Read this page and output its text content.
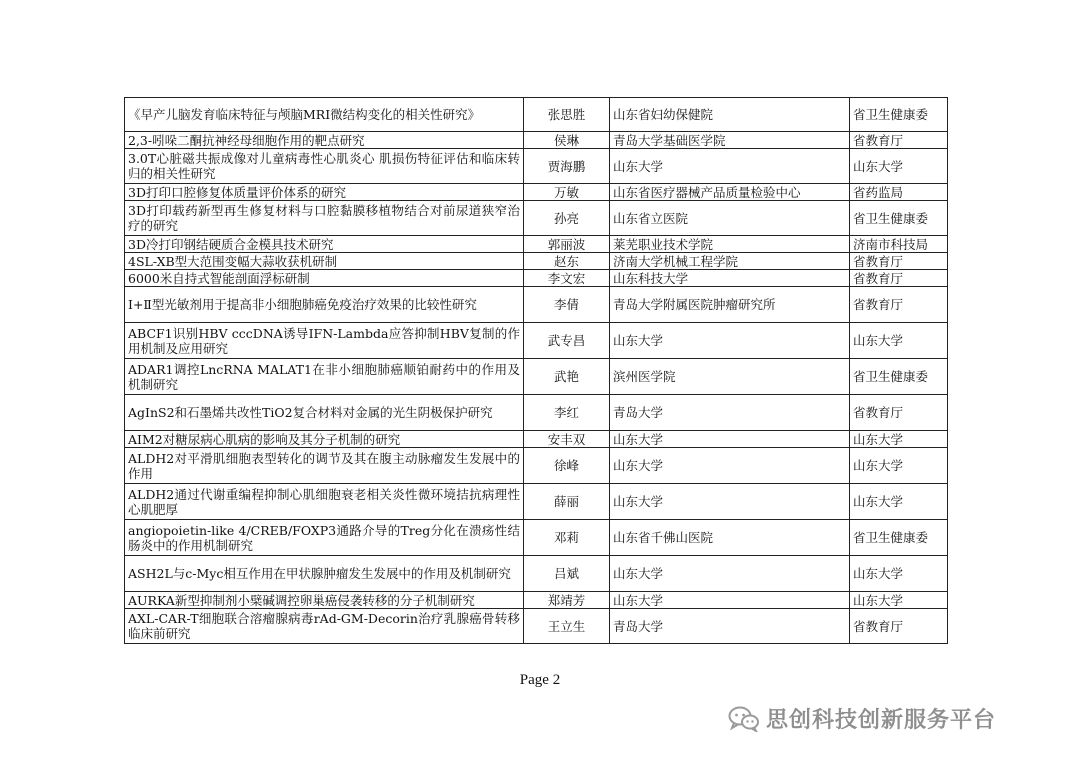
《早产儿脑发育临床特征与颅脑MRI微结构变化的相关性研究》	张思胜	山东省妇幼保健院	省卫生健康委
2,3-吲哚二酮抗神经母细胞作用的靶点研究	侯琳	青岛大学基础医学院	省教育厅
3.0T心脏磁共振成像对儿童病毒性心肌炎心 肌损伤特征评估和临床转归的相关性研究	贾海鹏	山东大学	山东大学
3D打印口腔修复体质量评价体系的研究	万敏	山东省医疗器械产品质量检验中心	省药监局
3D打印载药新型再生修复材料与口腔黏膜移植物结合对前尿道狭窄治疗的研究	孙亮	山东省立医院	省卫生健康委
3D冷打印钢结硬质合金模具技术研究	郭丽波	莱芜职业技术学院	济南市科技局
4SL-XB型大范围变幅大蒜收获机研制	赵东	济南大学机械工程学院	省教育厅
6000米自持式智能剖面浮标研制	李文宏	山东科技大学	省教育厅
Ⅰ+Ⅱ型光敏剂用于提高非小细胞肺癌免疫治疗效果的比较性研究	李倩	青岛大学附属医院肿瘤研究所	省教育厅
ABCF1识别HBV cccDNA诱导IFN-Lambda应答抑制HBV复制的作用机制及应用研究	武专昌	山东大学	山东大学
ADAR1调控LncRNA MALAT1在非小细胞肺癌顺铂耐药中的作用及机制研究	武艳	滨州医学院	省卫生健康委
AgInS2和石墨烯共改性TiO2复合材料对金属的光生阴极保护研究	李红	青岛大学	省教育厅
AIM2对糖尿病心肌病的影响及其分子机制的研究	安丰双	山东大学	山东大学
ALDH2对平滑肌细胞表型转化的调节及其在腹主动脉瘤发生发展中的作用	徐峰	山东大学	山东大学
ALDH2通过代谢重编程抑制心肌细胞衰老相关炎性微环境拮抗病理性心肌肥厚	薛丽	山东大学	山东大学
angiopoietin-like 4/CREB/FOXP3通路介导的Treg分化在溃疡性结肠炎中的作用机制研究	邓莉	山东省千佛山医院	省卫生健康委
ASH2L与c-Myc相互作用在甲状腺肿瘤发生发展中的作用及机制研究	吕斌	山东大学	山东大学
AURKA新型抑制剂小檗碱调控卵巢癌侵袭转移的分子机制研究	郑靖芳	山东大学	山东大学
AXL-CAR-T细胞联合溶瘤腺病毒rAd-GM-Decorin治疗乳腺癌骨转移临床前研究	王立生	青岛大学	省教育厅
Page 2
思创科技创新服务平台
